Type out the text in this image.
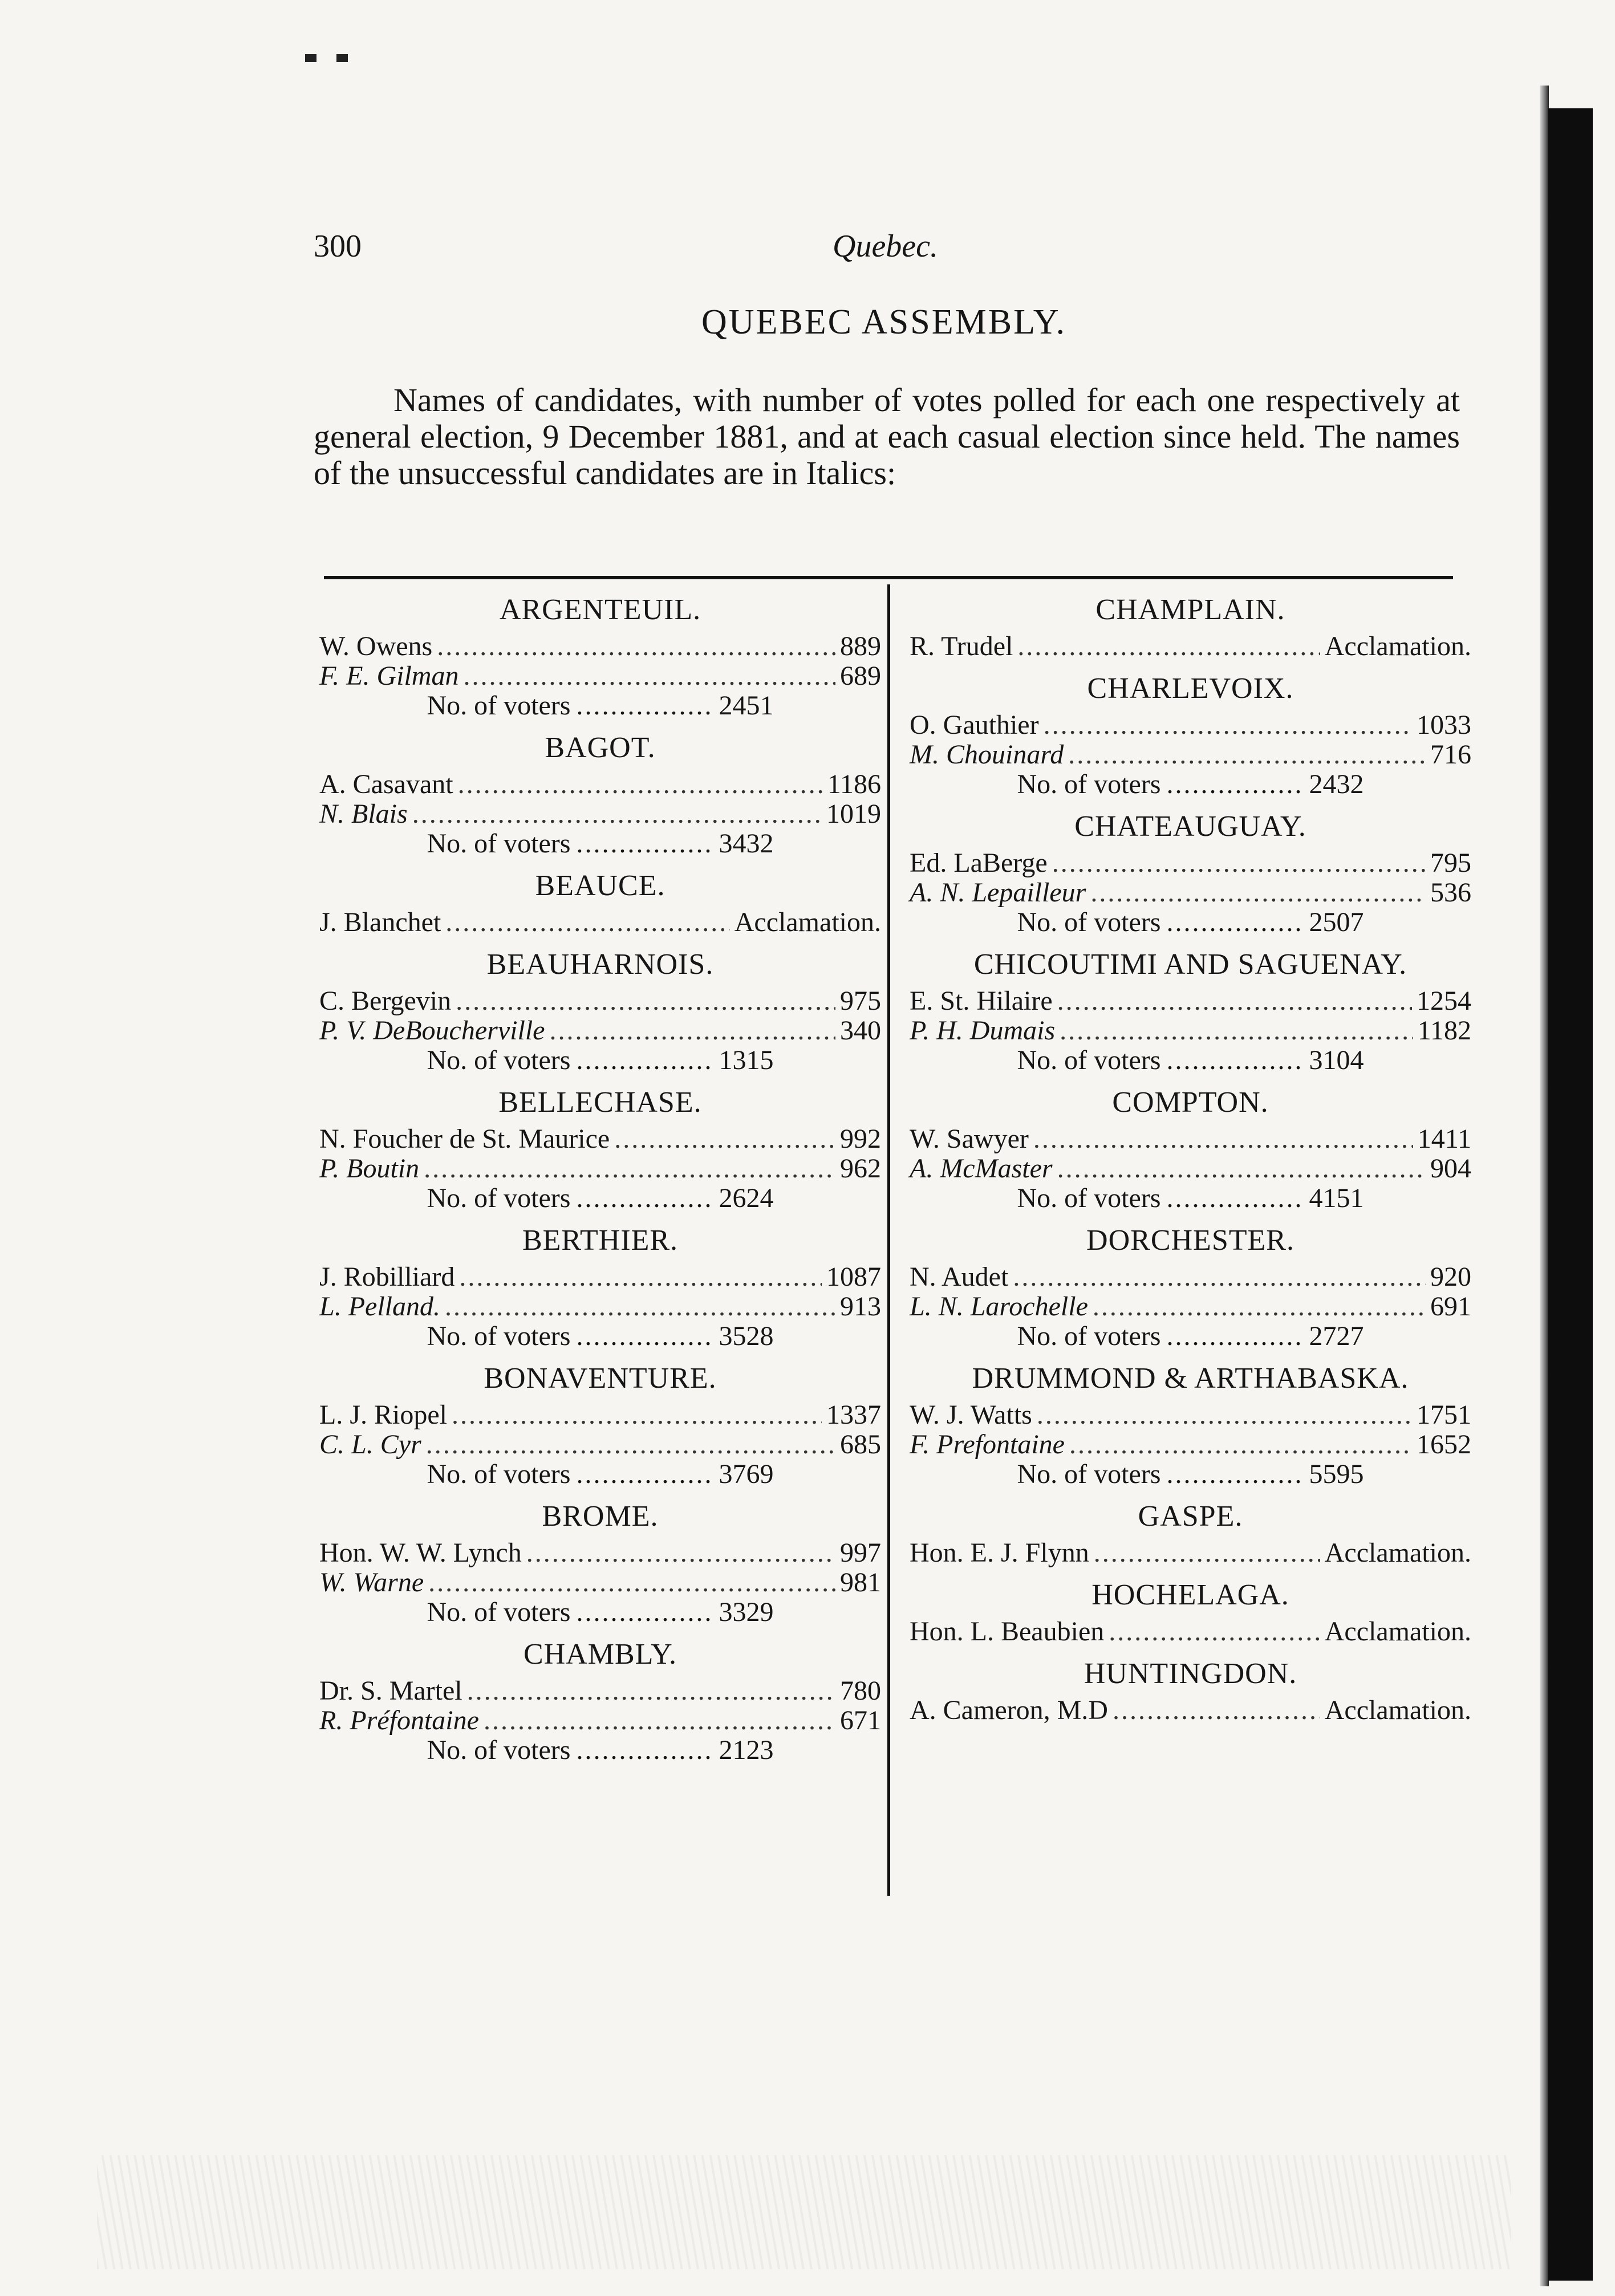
300	Quebec.

QUEBEC ASSEMBLY.

Names of candidates, with number of votes polled for each one respectively at general election, 9 December 1881, and at each casual election since held. The names of the unsuccessful candidates are in Italics:

ARGENTEUIL.
W. Owens .....	889
F. E. Gilman .....	689
No. of voters .....	2451
BAGOT.
A. Casavant .....	1186
N. Blais .....	1019
No. of voters .....	3432
BEAUCE.
J. Blanchet .....	Acclamation.
BEAUHARNOIS.
C. Bergevin .....	975
P. V. DeBoucherville .....	340
No. of voters .....	1315
BELLECHASE.
N. Foucher de St. Maurice .....	992
P. Boutin .....	962
No. of voters .....	2624
BERTHIER.
J. Robilliard .....	1087
L. Pelland. .....	913
No. of voters .....	3528
BONAVENTURE.
L. J. Riopel .....	1337
C. L. Cyr .....	685
No. of voters .....	3769
BROME.
Hon. W. W. Lynch .....	997
W. Warne .....	981
No. of voters .....	3329
CHAMBLY.
Dr. S. Martel .....	780
R. Préfontaine .....	671
No. of voters .....	2123
CHAMPLAIN.
R. Trudel .....	Acclamation.
CHARLEVOIX.
O. Gauthier .....	1033
M. Chouinard .....	716
No. of voters .....	2432
CHATEAUGUAY.
Ed. LaBerge .....	795
A. N. Lepailleur .....	536
No. of voters .....	2507
CHICOUTIMI AND SAGUENAY.
E. St. Hilaire .....	1254
P. H. Dumais .....	1182
No. of voters .....	3104
COMPTON.
W. Sawyer .....	1411
A. McMaster .....	904
No. of voters .....	4151
DORCHESTER.
N. Audet .....	920
L. N. Larochelle .....	691
No. of voters .....	2727
DRUMMOND & ARTHABASKA.
W. J. Watts .....	1751
F. Prefontaine .....	1652
No. of voters .....	5595
GASPE.
Hon. E. J. Flynn .....	Acclamation.
HOCHELAGA.
Hon. L. Beaubien .....	Acclamation.
HUNTINGDON.
A. Cameron, M.D .....	Acclamation.
